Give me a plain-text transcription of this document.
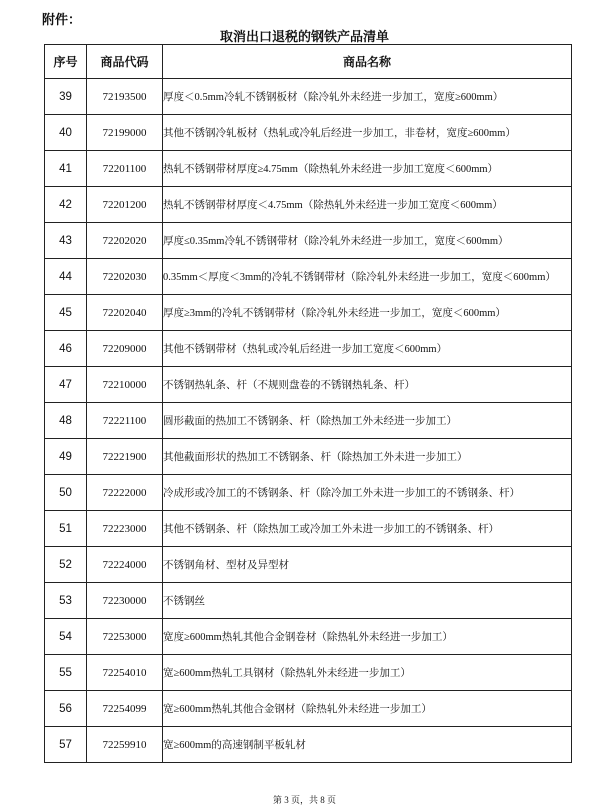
附件：
取消出口退税的钢铁产品清单
序号	商品代码	商品名称
39	72193500	厚度＜0.5mm冷轧不锈钢板材（除冷轧外未经进一步加工，宽度≥600mm）
40	72199000	其他不锈钢冷轧板材（热轧或冷轧后经进一步加工，非卷材，宽度≥600mm）
41	72201100	热轧不锈钢带材厚度≥4.75mm（除热轧外未经进一步加工宽度＜600mm）
42	72201200	热轧不锈钢带材厚度＜4.75mm（除热轧外未经进一步加工宽度＜600mm）
43	72202020	厚度≤0.35mm冷轧不锈钢带材（除冷轧外未经进一步加工，宽度＜600mm）
44	72202030	0.35mm＜厚度＜3mm的冷轧不锈钢带材（除冷轧外未经进一步加工，宽度＜600mm）
45	72202040	厚度≥3mm的冷轧不锈钢带材（除冷轧外未经进一步加工，宽度＜600mm）
46	72209000	其他不锈钢带材（热轧或冷轧后经进一步加工宽度＜600mm）
47	72210000	不锈钢热轧条、杆（不规则盘卷的不锈钢热轧条、杆）
48	72221100	圆形截面的热加工不锈钢条、杆（除热加工外未经进一步加工）
49	72221900	其他截面形状的热加工不锈钢条、杆（除热加工外未进一步加工）
50	72222000	冷成形或冷加工的不锈钢条、杆（除冷加工外未进一步加工的不锈钢条、杆）
51	72223000	其他不锈钢条、杆（除热加工或冷加工外未进一步加工的不锈钢条、杆）
52	72224000	不锈钢角材、型材及异型材
53	72230000	不锈钢丝
54	72253000	宽度≥600mm热轧其他合金钢卷材（除热轧外未经进一步加工）
55	72254010	宽≥600mm热轧工具钢材（除热轧外未经进一步加工）
56	72254099	宽≥600mm热轧其他合金钢材（除热轧外未经进一步加工）
57	72259910	宽≥600mm的高速钢制平板轧材
第 3 页，共 8 页
